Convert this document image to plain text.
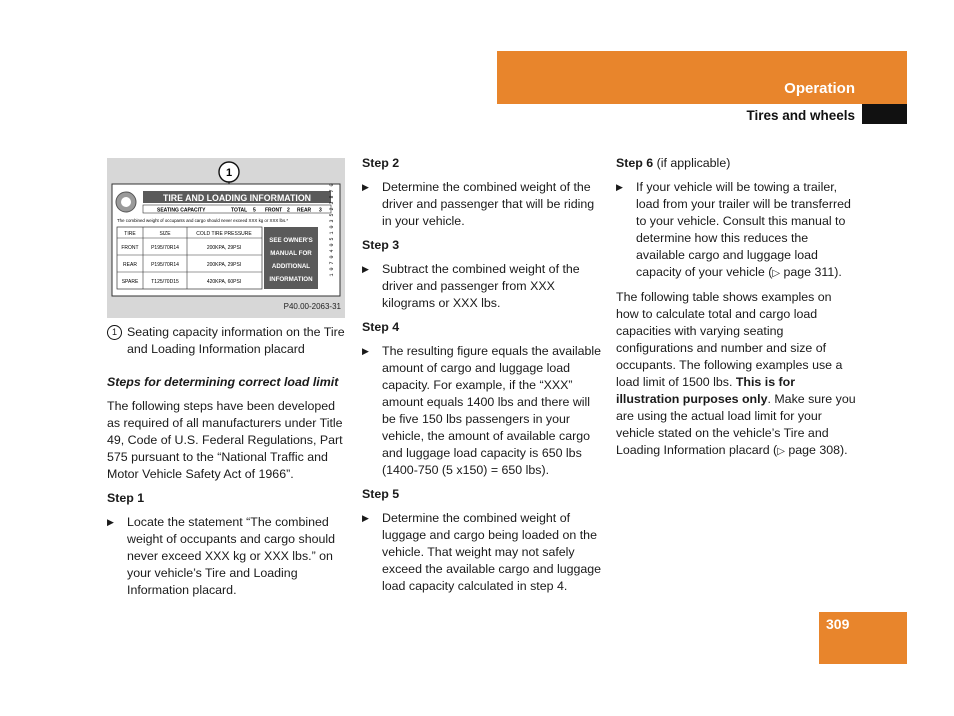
Operation
Tires and wheels
1
TIRE AND LOADING INFORMATION
SEATING CAPACITY	TOTAL 5 FRONT 2 REAR 3
The combined weight of occupants and cargo should never exceed XXX kg or XXX lbs.*
TIRE	SIZE	COLD TIRE PRESSURE
FRONT P195/70R14	200KPA, 29PSI
REAR	P195/70R14	200KPA, 29PSI
SPARE	T125/70D15	420KPA, 60PSI
SEE OWNER'S
MANUAL FOR
ADDITIONAL
INFORMATION
1 0 7 0 4 0 5 1 0 3 5 2 3 8 7 0
P40.00-2063-31
1 Seating capacity information on the Tire and Loading Information placard
Steps for determining correct load limit

The following steps have been developed as required of all manufacturers under Title 49, Code of U.S. Federal Regulations, Part 575 pursuant to the “National Traffic and Motor Vehicle Safety Act of 1966”.

Step 1
▶ Locate the statement “The combined weight of occupants and cargo should never exceed XXX kg or XXX lbs.” on your vehicle’s Tire and Loading Information placard.
Step 2
▶ Determine the combined weight of the driver and passenger that will be riding in your vehicle.
Step 3
▶ Subtract the combined weight of the driver and passenger from XXX kilograms or XXX lbs.
Step 4
▶ The resulting figure equals the available amount of cargo and luggage load capacity. For example, if the “XXX” amount equals 1400 lbs and there will be five 150 lbs passengers in your vehicle, the amount of available cargo and luggage load capacity is 650 lbs (1400-750 (5 x150) = 650 lbs).
Step 5
▶ Determine the combined weight of luggage and cargo being loaded on the vehicle. That weight may not safely exceed the available cargo and luggage load capacity calculated in step 4.
Step 6 (if applicable)
▶ If your vehicle will be towing a trailer, load from your trailer will be transferred to your vehicle. Consult this manual to determine how this reduces the available cargo and luggage load capacity of your vehicle (▷ page 311).

The following table shows examples on how to calculate total and cargo load capacities with varying seating configurations and number and size of occupants. The following examples use a load limit of 1500 lbs. This is for illustration purposes only. Make sure you are using the actual load limit for your vehicle stated on the vehicle’s Tire and Loading Information placard (▷ page 308).

309
